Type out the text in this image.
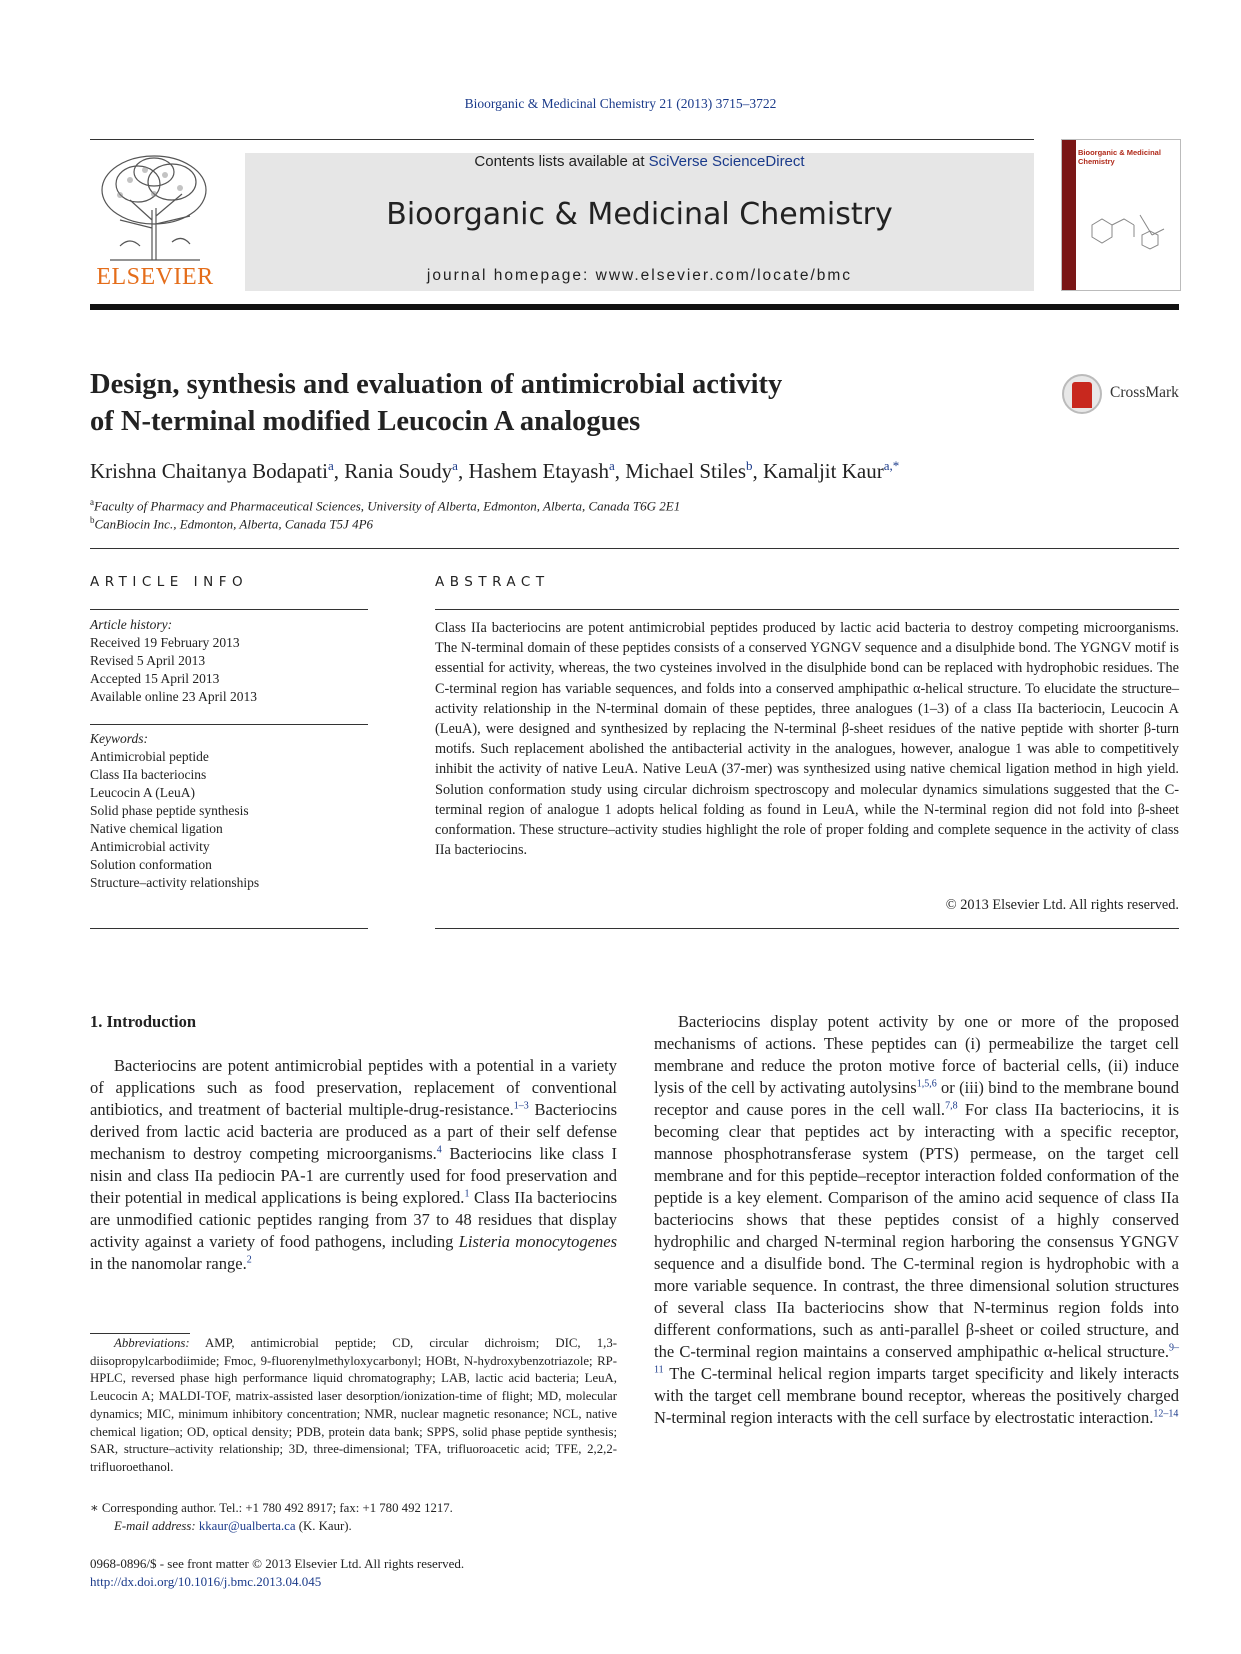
Bioorganic & Medicinal Chemistry 21 (2013) 3715–3722
ELSEVIER
Contents lists available at SciVerse ScienceDirect
Bioorganic & Medicinal Chemistry
journal homepage: www.elsevier.com/locate/bmc
Bioorganic & Medicinal Chemistry
Design, synthesis and evaluation of antimicrobial activity
of N-terminal modified Leucocin A analogues
CrossMark
Krishna Chaitanya Bodapati$^a$, Rania Soudy$^a$, Hashem Etayash$^a$, Michael Stiles$^b$, Kamaljit Kaur$^{a,*}$
$^a$Faculty of Pharmacy and Pharmaceutical Sciences, University of Alberta, Edmonton, Alberta, Canada T6G 2E1
$^b$CanBiocin Inc., Edmonton, Alberta, Canada T5J 4P6
ARTICLE INFO
Article history:
Received 19 February 2013
Revised 5 April 2013
Accepted 15 April 2013
Available online 23 April 2013
Keywords:
Antimicrobial peptide
Class IIa bacteriocins
Leucocin A (LeuA)
Solid phase peptide synthesis
Native chemical ligation
Antimicrobial activity
Solution conformation
Structure–activity relationships
ABSTRACT
Class IIa bacteriocins are potent antimicrobial peptides produced by lactic acid bacteria to destroy competing microorganisms. The N-terminal domain of these peptides consists of a conserved YGNGV sequence and a disulphide bond. The YGNGV motif is essential for activity, whereas, the two cysteines involved in the disulphide bond can be replaced with hydrophobic residues. The C-terminal region has variable sequences, and folds into a conserved amphipathic α-helical structure. To elucidate the structure–activity relationship in the N-terminal domain of these peptides, three analogues (1–3) of a class IIa bacteriocin, Leucocin A (LeuA), were designed and synthesized by replacing the N-terminal β-sheet residues of the native peptide with shorter β-turn motifs. Such replacement abolished the antibacterial activity in the analogues, however, analogue 1 was able to competitively inhibit the activity of native LeuA. Native LeuA (37-mer) was synthesized using native chemical ligation method in high yield. Solution conformation study using circular dichroism spectroscopy and molecular dynamics simulations suggested that the C-terminal region of analogue 1 adopts helical folding as found in LeuA, while the N-terminal region did not fold into β-sheet conformation. These structure–activity studies highlight the role of proper folding and complete sequence in the activity of class IIa bacteriocins.
© 2013 Elsevier Ltd. All rights reserved.
1. Introduction
Bacteriocins are potent antimicrobial peptides with a potential in a variety of applications such as food preservation, replacement of conventional antibiotics, and treatment of bacterial multiple-drug-resistance.$^{1-3}$ Bacteriocins derived from lactic acid bacteria are produced as a part of their self defense mechanism to destroy competing microorganisms.$^4$ Bacteriocins like class I nisin and class IIa pediocin PA-1 are currently used for food preservation and their potential in medical applications is being explored.$^1$ Class IIa bacteriocins are unmodified cationic peptides ranging from 37 to 48 residues that display activity against a variety of food pathogens, including Listeria monocytogenes in the nanomolar range.$^2$
Bacteriocins display potent activity by one or more of the proposed mechanisms of actions. These peptides can (i) permeabilize the target cell membrane and reduce the proton motive force of bacterial cells, (ii) induce lysis of the cell by activating autolysins$^{1,5,6}$ or (iii) bind to the membrane bound receptor and cause pores in the cell wall.$^{7,8}$ For class IIa bacteriocins, it is becoming clear that peptides act by interacting with a specific receptor, mannose phosphotransferase system (PTS) permease, on the target cell membrane and for this peptide–receptor interaction folded conformation of the peptide is a key element. Comparison of the amino acid sequence of class IIa bacteriocins shows that these peptides consist of a highly conserved hydrophilic and charged N-terminal region harboring the consensus YGNGV sequence and a disulfide bond. The C-terminal region is hydrophobic with a more variable sequence. In contrast, the three dimensional solution structures of several class IIa bacteriocins show that N-terminus region folds into different conformations, such as anti-parallel β-sheet or coiled structure, and the C-terminal region maintains a conserved amphipathic α-helical structure.$^{9-11}$ The C-terminal helical region imparts target specificity and likely interacts with the target cell membrane bound receptor, whereas the positively charged N-terminal region interacts with the cell surface by electrostatic interaction.$^{12-14}$
Abbreviations: AMP, antimicrobial peptide; CD, circular dichroism; DIC, 1,3-diisopropylcarbodiimide; Fmoc, 9-fluorenylmethyloxycarbonyl; HOBt, N-hydroxybenzotriazole; RP-HPLC, reversed phase high performance liquid chromatography; LAB, lactic acid bacteria; LeuA, Leucocin A; MALDI-TOF, matrix-assisted laser desorption/ionization-time of flight; MD, molecular dynamics; MIC, minimum inhibitory concentration; NMR, nuclear magnetic resonance; NCL, native chemical ligation; OD, optical density; PDB, protein data bank; SPPS, solid phase peptide synthesis; SAR, structure–activity relationship; 3D, three-dimensional; TFA, trifluoroacetic acid; TFE, 2,2,2-trifluoroethanol.
∗ Corresponding author. Tel.: +1 780 492 8917; fax: +1 780 492 1217.
E-mail address: kkaur@ualberta.ca (K. Kaur).
0968-0896/$ - see front matter © 2013 Elsevier Ltd. All rights reserved.
http://dx.doi.org/10.1016/j.bmc.2013.04.045
